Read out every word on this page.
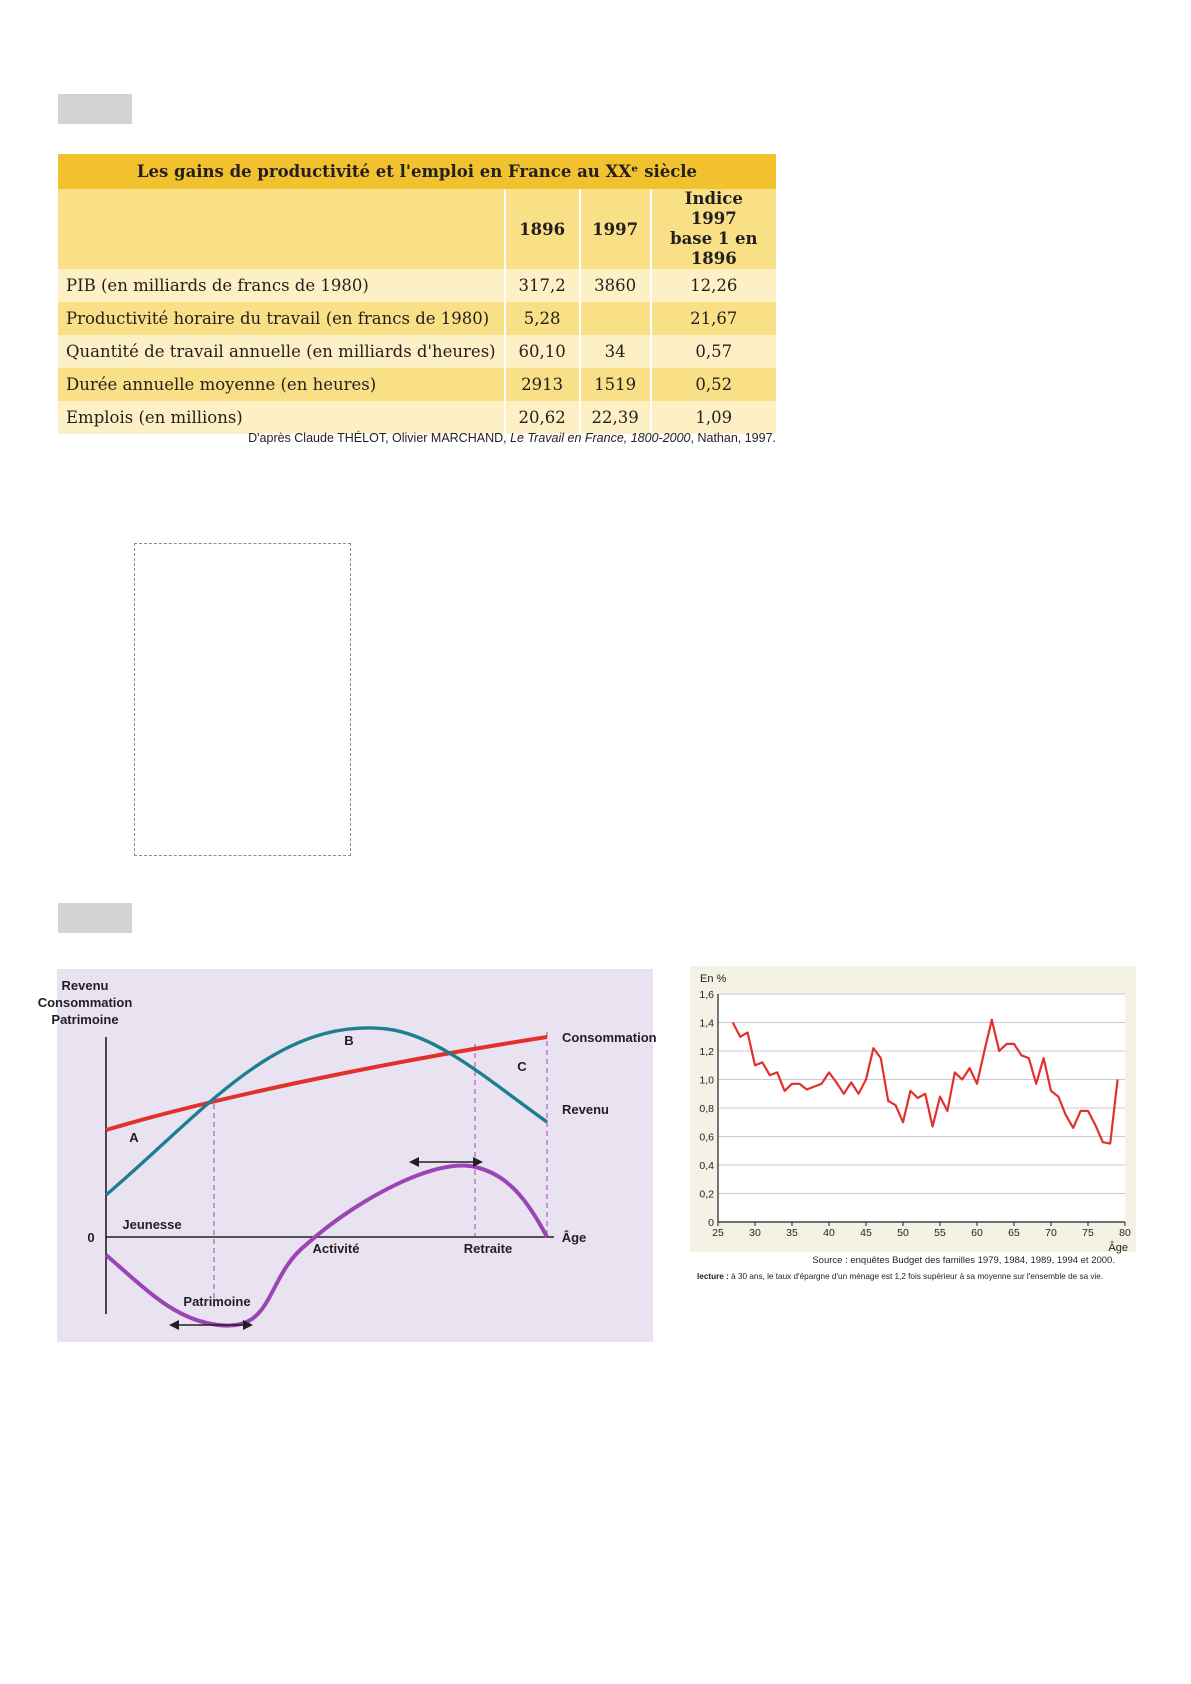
Les gains de productivité et l'emploi en France au XXᵉ siècle			
	1896	1997	Indice 1997
base 1 en 1896
PIB (en milliards de francs de 1980)	317,2	3860	12,26
Productivité horaire du travail (en francs de 1980)	5,28		21,67
Quantité de travail annuelle (en milliards d'heures)	60,10	34	0,57
Durée annuelle moyenne (en heures)	2913	1519	0,52
Emplois (en millions)	20,62	22,39	1,09
D'après Claude THÉLOT, Olivier MARCHAND, Le Travail en France, 1800-2000, Nathan, 1997.
Revenu
Consommation
Patrimoine
0	Âge
Jeunesse
Activité	Retraite
Consommation
Revenu
Patrimoine
A
B
C
0
0,2
0,4
0,6
0,8
1,0
1,2
1,4
1,6
25 30 35 40 45 50 55 60 65 70 75 80
En %
Âge
Source : enquêtes Budget des familles 1979, 1984, 1989, 1994 et 2000.
lecture : à 30 ans, le taux d'épargne d'un ménage est 1,2 fois supérieur à sa moyenne sur l'ensemble de sa vie.
